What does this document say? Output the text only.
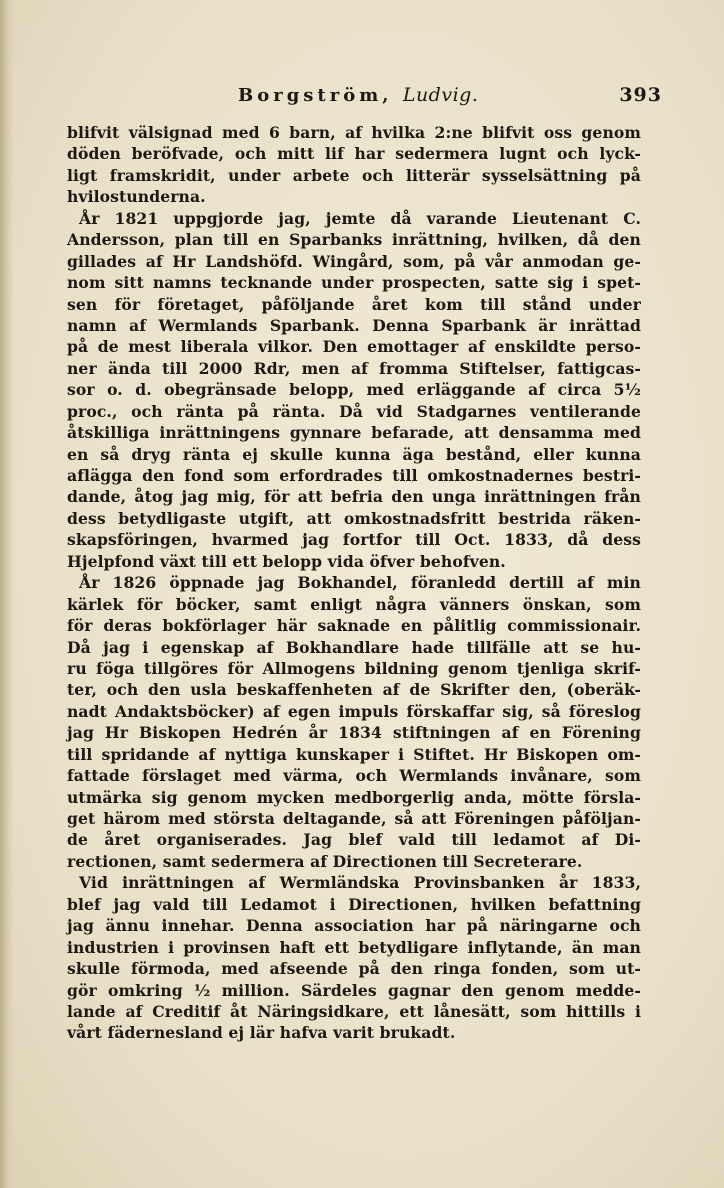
Borgström, Ludvig.	393
blifvit välsignad med 6 barn, af hvilka 2:ne blifvit oss genom
döden beröfvade, och mitt lif har sedermera lugnt och lyck-
ligt framskridit, under arbete och litterär sysselsättning på
hvilostunderna.
År 1821 uppgjorde jag, jemte då varande Lieutenant C.
Andersson, plan till en Sparbanks inrättning, hvilken, då den
gillades af Hr Landshöfd. Wingård, som, på vår anmodan ge-
nom sitt namns tecknande under prospecten, satte sig i spet-
sen för företaget, påföljande året kom till stånd under
namn af Wermlands Sparbank. Denna Sparbank är inrättad
på de mest liberala vilkor. Den emottager af enskildte perso-
ner ända till 2000 Rdr, men af fromma Stiftelser, fattigcas-
sor o. d. obegränsade belopp, med erläggande af circa 5½
proc., och ränta på ränta. Då vid Stadgarnes ventilerande
åtskilliga inrättningens gynnare befarade, att densamma med
en så dryg ränta ej skulle kunna äga bestånd, eller kunna
aflägga den fond som erfordrades till omkostnadernes bestri-
dande, åtog jag mig, för att befria den unga inrättningen från
dess betydligaste utgift, att omkostnadsfritt bestrida räken-
skapsföringen, hvarmed jag fortfor till Oct. 1833, då dess
Hjelpfond växt till ett belopp vida öfver behofven.
År 1826 öppnade jag Bokhandel, föranledd dertill af min
kärlek för böcker, samt enligt några vänners önskan, som
för deras bokförlager här saknade en pålitlig commissionair.
Då jag i egenskap af Bokhandlare hade tillfälle att se hu-
ru föga tillgöres för Allmogens bildning genom tjenliga skrif-
ter, och den usla beskaffenheten af de Skrifter den, (oberäk-
nadt Andaktsböcker) af egen impuls förskaffar sig, så föreslog
jag Hr Biskopen Hedrén år 1834 stiftningen af en Förening
till spridande af nyttiga kunskaper i Stiftet. Hr Biskopen om-
fattade förslaget med värma, och Wermlands invånare, som
utmärka sig genom mycken medborgerlig anda, mötte försla-
get härom med största deltagande, så att Föreningen påföljan-
de året organiserades. Jag blef vald till ledamot af Di-
rectionen, samt sedermera af Directionen till Secreterare.
Vid inrättningen af Wermländska Provinsbanken år 1833,
blef jag vald till Ledamot i Directionen, hvilken befattning
jag ännu innehar. Denna association har på näringarne och
industrien i provinsen haft ett betydligare inflytande, än man
skulle förmoda, med afseende på den ringa fonden, som ut-
gör omkring ½ million. Särdeles gagnar den genom medde-
lande af Creditif åt Näringsidkare, ett lånesätt, som hittills i
vårt fädernesland ej lär hafva varit brukadt.
